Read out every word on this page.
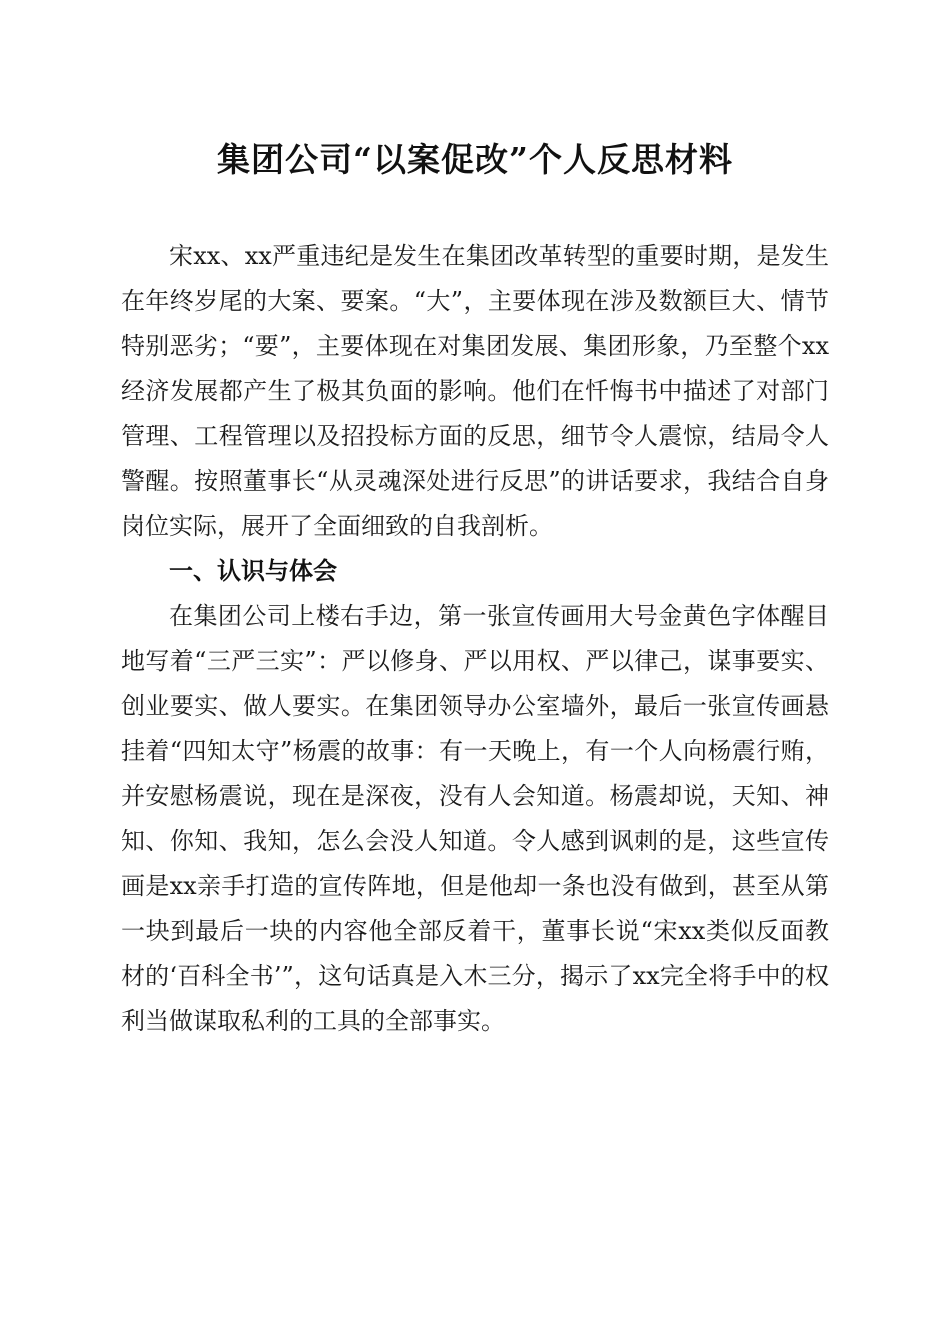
集团公司“以案促改”个人反思材料

宋xx、xx严重违纪是发生在集团改革转型的重要时期，是发生在年终岁尾的大案、要案。“大”，主要体现在涉及数额巨大、情节特别恶劣；“要”，主要体现在对集团发展、集团形象，乃至整个xx经济发展都产生了极其负面的影响。他们在忏悔书中描述了对部门管理、工程管理以及招投标方面的反思，细节令人震惊，结局令人警醒。按照董事长“从灵魂深处进行反思”的讲话要求，我结合自身岗位实际，展开了全面细致的自我剖析。

一、认识与体会

在集团公司上楼右手边，第一张宣传画用大号金黄色字体醒目地写着“三严三实”：严以修身、严以用权、严以律己，谋事要实、创业要实、做人要实。在集团领导办公室墙外，最后一张宣传画悬挂着“四知太守”杨震的故事：有一天晚上，有一个人向杨震行贿，并安慰杨震说，现在是深夜，没有人会知道。杨震却说，天知、神知、你知、我知，怎么会没人知道。令人感到讽刺的是，这些宣传画是xx亲手打造的宣传阵地，但是他却一条也没有做到，甚至从第一块到最后一块的内容他全部反着干，董事长说“宋xx类似反面教材的‘百科全书’”，这句话真是入木三分，揭示了xx完全将手中的权利当做谋取私利的工具的全部事实。
